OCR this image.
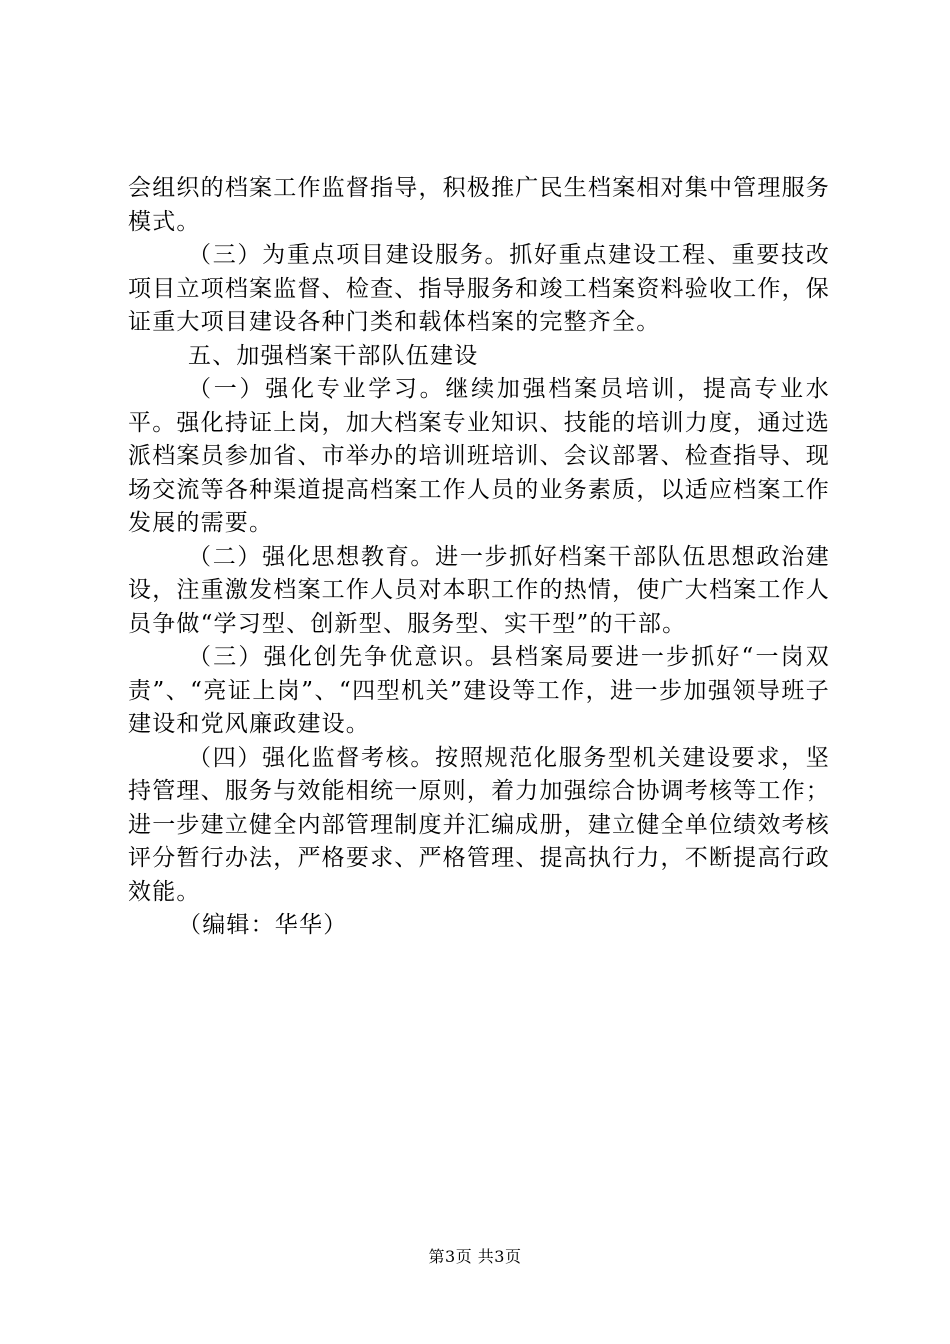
会组织的档案工作监督指导，积极推广民生档案相对集中管理服务模式。

（三）为重点项目建设服务。抓好重点建设工程、重要技改项目立项档案监督、检查、指导服务和竣工档案资料验收工作，保证重大项目建设各种门类和载体档案的完整齐全。

五、加强档案干部队伍建设

（一）强化专业学习。继续加强档案员培训，提高专业水平。强化持证上岗，加大档案专业知识、技能的培训力度，通过选派档案员参加省、市举办的培训班培训、会议部署、检查指导、现场交流等各种渠道提高档案工作人员的业务素质，以适应档案工作发展的需要。

（二）强化思想教育。进一步抓好档案干部队伍思想政治建设，注重激发档案工作人员对本职工作的热情，使广大档案工作人员争做“学习型、创新型、服务型、实干型”的干部。

（三）强化创先争优意识。县档案局要进一步抓好“一岗双责”、“亮证上岗”、“四型机关”建设等工作，进一步加强领导班子建设和党风廉政建设。

（四）强化监督考核。按照规范化服务型机关建设要求，坚持管理、服务与效能相统一原则，着力加强综合协调考核等工作；进一步建立健全内部管理制度并汇编成册，建立健全单位绩效考核评分暂行办法，严格要求、严格管理、提高执行力，不断提高行政效能。

（编辑：华华）

第3页 共3页
